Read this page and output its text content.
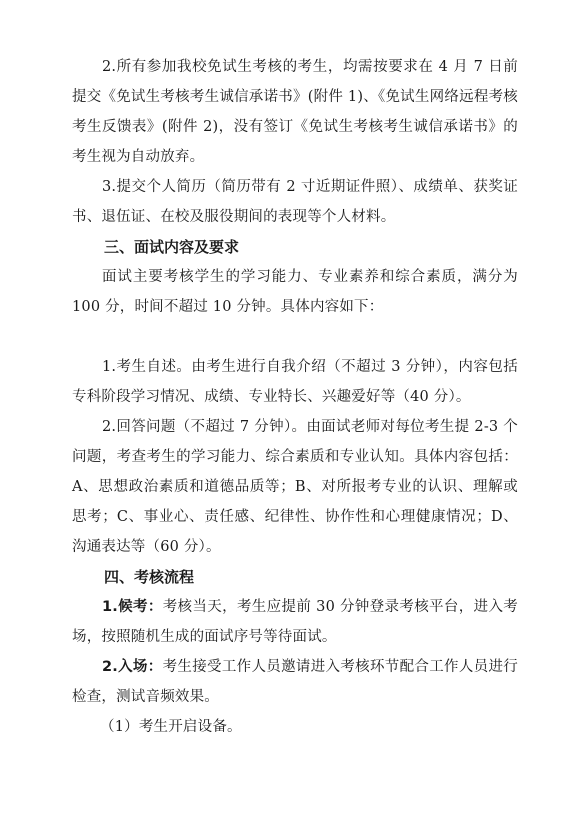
2.所有参加我校免试生考核的考生，均需按要求在 4 月 7 日前提交《免试生考核考生诚信承诺书》(附件 1)、《免试生网络远程考核考生反馈表》(附件 2)，没有签订《免试生考核考生诚信承诺书》的考生视为自动放弃。

3.提交个人简历（简历带有 2 寸近期证件照）、成绩单、获奖证书、退伍证、在校及服役期间的表现等个人材料。

三、面试内容及要求

面试主要考核学生的学习能力、专业素养和综合素质，满分为 100 分，时间不超过 10 分钟。具体内容如下：

1.考生自述。由考生进行自我介绍（不超过 3 分钟），内容包括专科阶段学习情况、成绩、专业特长、兴趣爱好等（40 分）。

2.回答问题（不超过 7 分钟）。由面试老师对每位考生提 2-3 个问题，考查考生的学习能力、综合素质和专业认知。具体内容包括：A、思想政治素质和道德品质等；B、对所报考专业的认识、理解或思考；C、事业心、责任感、纪律性、协作性和心理健康情况；D、沟通表达等（60 分）。

四、考核流程

1.候考：考核当天，考生应提前 30 分钟登录考核平台，进入考场，按照随机生成的面试序号等待面试。

2.入场：考生接受工作人员邀请进入考核环节配合工作人员进行检查，测试音频效果。

（1）考生开启设备。
